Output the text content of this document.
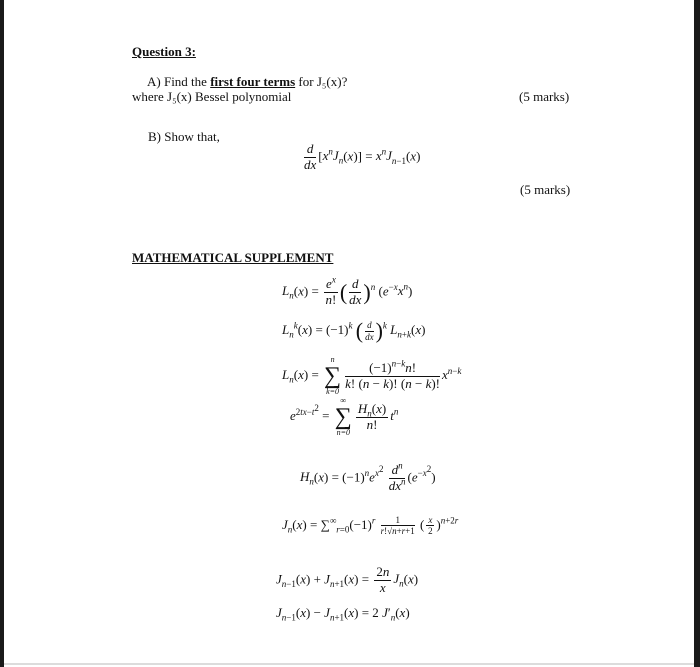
Question 3:
A) Find the first four terms for J₅(x)?
where J₅(x) Bessel polynomial	(5 marks)
B) Show that,
$\frac{d}{dx} [x^nJ_n(x)] = x^nJ_{n-1}(x)$
(5 marks)
MATHEMATICAL SUPPLEMENT
$L_n(x) = \frac{e^x}{n!}$ ( $\frac{d}{dx} )^n$ $(e^{-x}x^n)$
$L_n^k(x) = (-1)^k$ ( $\frac{d}{dx} )^k$ $L_{n+k}(x)$
$L_n(x)$ =
n
∑
$k=0 \frac{(-1)^{n-k}n!}{k! (n - k)! (n - k)!} x^{n-k}$
$e^{2tx-t^2}$ =
∞
∑
$n=0 \frac{H_n(x)}{n!} t^n$
$H_n(x) = (-1)^ne^{x^2} \frac{d^n}{dx^n} (e^{-x^2})$
$J_n(x) = \sum^\infty_{r=0}(-1)^r \frac{1}{r!√n+r+1}$ ( $\frac{x}{2} )^{n+2r}$
$J_{n-1}(x) + J_{n+1}(x) = \frac{2n}{x} J_n(x)$
$J_{n-1}(x) - J_{n+1}(x) = 2$ $J'_n(x)$
